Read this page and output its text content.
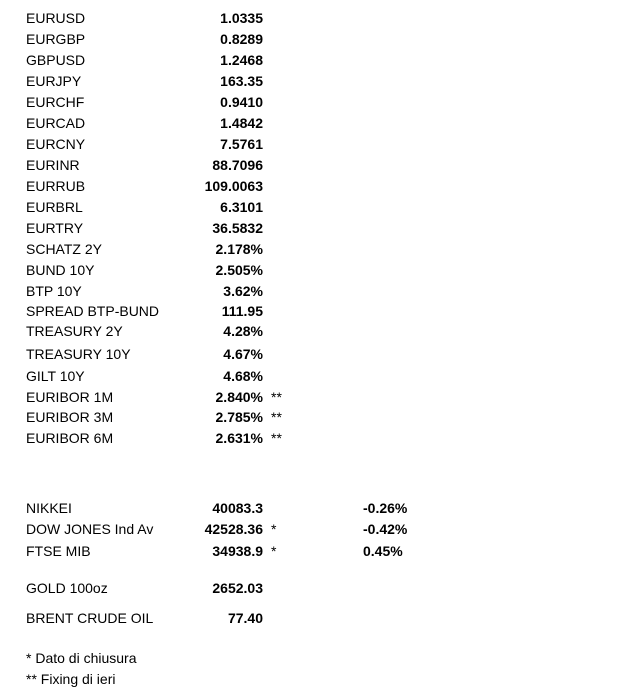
EURUSD	1.0335
EURGBP	0.8289
GBPUSD	1.2468
EURJPY	163.35
EURCHF	0.9410
EURCAD	1.4842
EURCNY	7.5761
EURINR	88.7096
EURRUB	109.0063
EURBRL	6.3101
EURTRY	36.5832
SCHATZ 2Y	2.178%
BUND 10Y	2.505%
BTP 10Y	3.62%
SPREAD BTP-BUND	111.95
TREASURY 2Y	4.28%
TREASURY 10Y	4.67%
GILT 10Y	4.68%
EURIBOR 1M	2.840% **
EURIBOR 3M	2.785% **
EURIBOR 6M	2.631% **
NIKKEI	40083.3	-0.26%
DOW JONES Ind Av	42528.36 *	-0.42%
FTSE MIB	34938.9 *	0.45%
GOLD 100oz	2652.03
BRENT CRUDE OIL	77.40
* Dato di chiusura
** Fixing di ieri
